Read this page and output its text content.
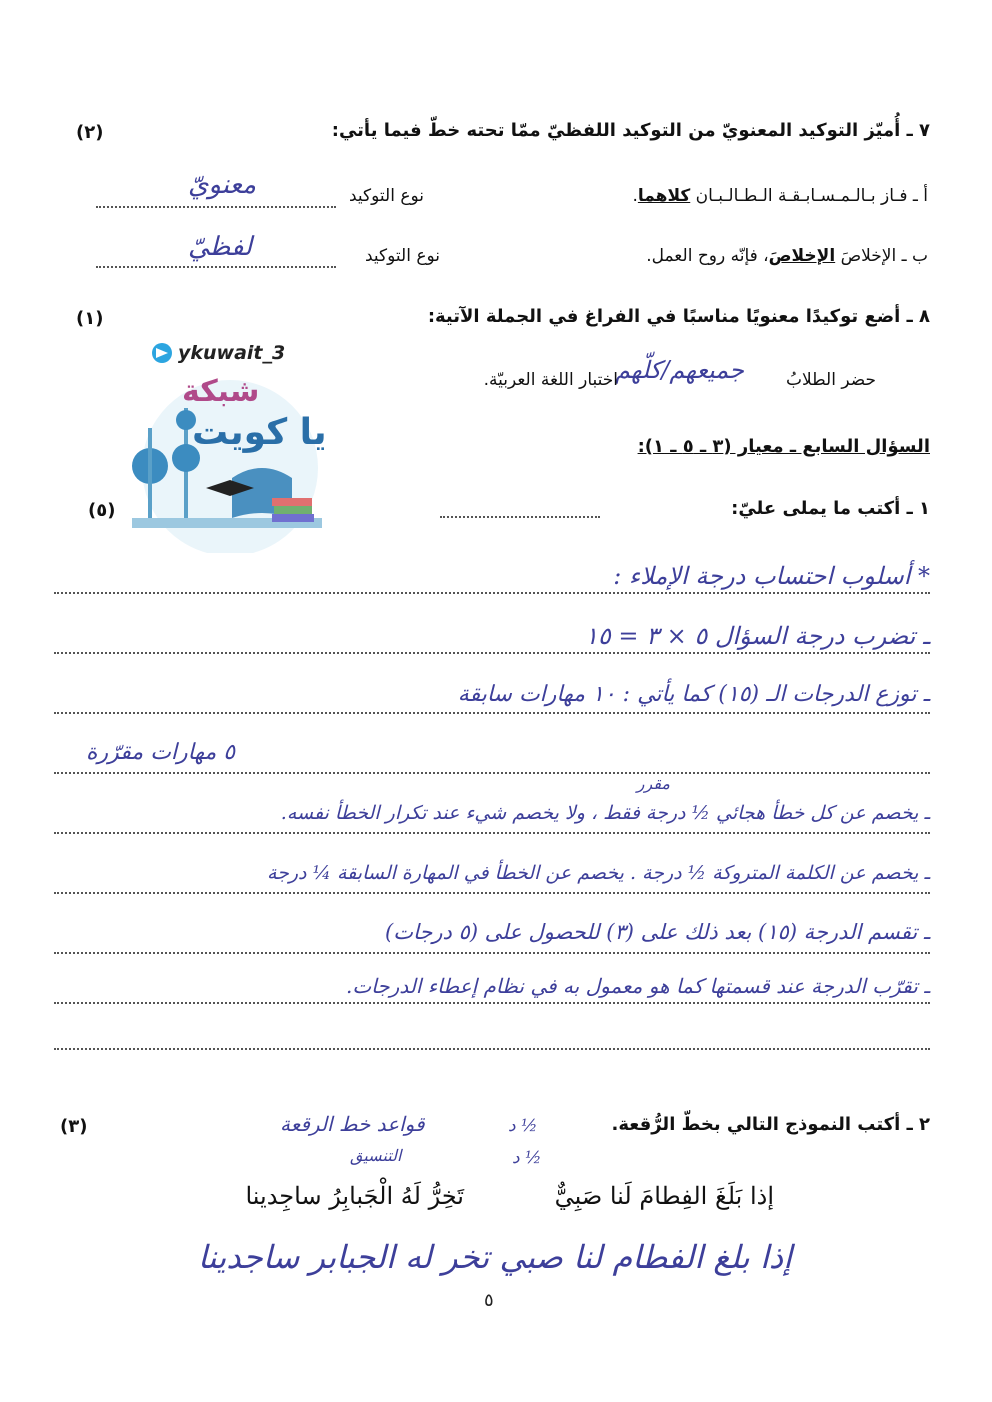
٧ ـ أُميّز التوكيد المعنويّ من التوكيد اللفظيّ ممّا تحته خطّ فيما يأتي:
(٢)
أ ـ فـاز بـالـمـسـابـقـة الـطـالـبـان كلاهما.
نوع التوكيد
معنويّ
ب ـ الإخلاصَ الإخلاصَ، فإنّه روح العمل.
نوع التوكيد
لفظيّ
٨ ـ أضع توكيدًا معنويًا مناسبًا في الفراغ في الجملة الآتية:
(١)
حضر الطلابُ
جميعهم/كلّهم
اختبار اللغة العربيّة.
ykuwait_3
شبكة
يا كويت	السؤال السابع ـ معيار (٣ ـ ٥ ـ ١):
١ ـ أكتب ما يملى عليّ:
(٥)
* أسلوب احتساب درجة الإملاء :
ـ تضرب درجة السؤال ٥ × ٣ = ١٥
ـ توزع الدرجات الـ (١٥) كما يأتي : ١٠ مهارات سابقة
٥ مهارات مقرّرة
مقرر
ـ يخصم عن كل خطأ هجائي ½ درجة فقط ، ولا يخصم شيء عند تكرار الخطأ نفسه.
ـ يخصم عن الكلمة المتروكة ½ درجة . يخصم عن الخطأ في المهارة السابقة ¼ درجة
ـ تقسم الدرجة (١٥) بعد ذلك على (٣) للحصول على (٥ درجات)
ـ تقرّب الدرجة عند قسمتها كما هو معمول به في نظام إعطاء الدرجات.
٢ ـ أكتب النموذج التالي بخطّ الرُّقعة.
(٣)	قواعد خط الرقعة
التنسيق
½ د
½ د
إذا بَلَغَ الفِطامَ لَنا صَبِيٌّ
تَخِرُّ لَهُ الْجَبابِرُ ساجِدينا
إذا بلغ الفطام لنا صبي تخر له الجبابر ساجدينا
٥
